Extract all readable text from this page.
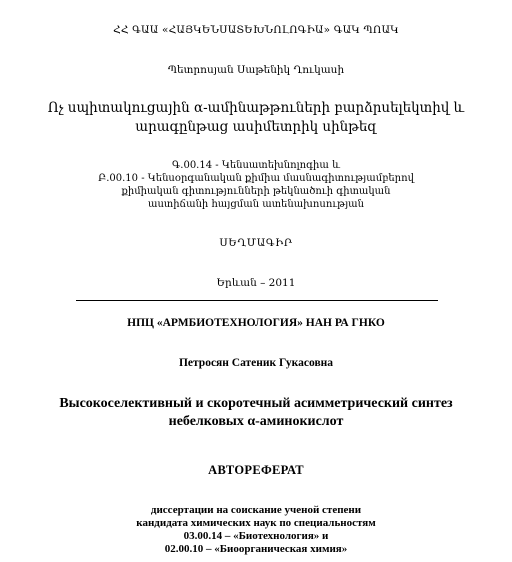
ՀՀ ԳԱԱ «ՀԱՅԿԵՆՍԱՏԵԽՆՈԼՈԳԻԱ» ԳԱԿ ՊՈԱԿ
Պետրոսյան Սաթենիկ Ղուկասի
Ոչ սպիտակուցային α-ամինաթթուների բարձրսելեկտիվ և
արագընթաց ասիմետրիկ սինթեզ
Գ.00.14 - Կենսատեխնոլոգիա և
Բ.00.10 - Կենսօրգանական քիմիա մասնագիտությամբերով
քիմիական գիտությունների թեկնածուի գիտական
աստիճանի հայցման ատենախոսության
ՍԵՂՄԱԳԻՐ
Երևան – 2011
НПЦ «АРМБИОТЕХНОЛОГИЯ» НАН РА ГНКО
Петросян Сатеник Гукасовна
Высокоселективный и скоротечный асимметрический синтез
небелковых α-аминокислот
АВТОРЕФЕРАТ
диссертации на соискание ученой степени
кандидата химических наук по специальностям
03.00.14 – «Биотехнология» и
02.00.10 – «Биоорганическая химия»
